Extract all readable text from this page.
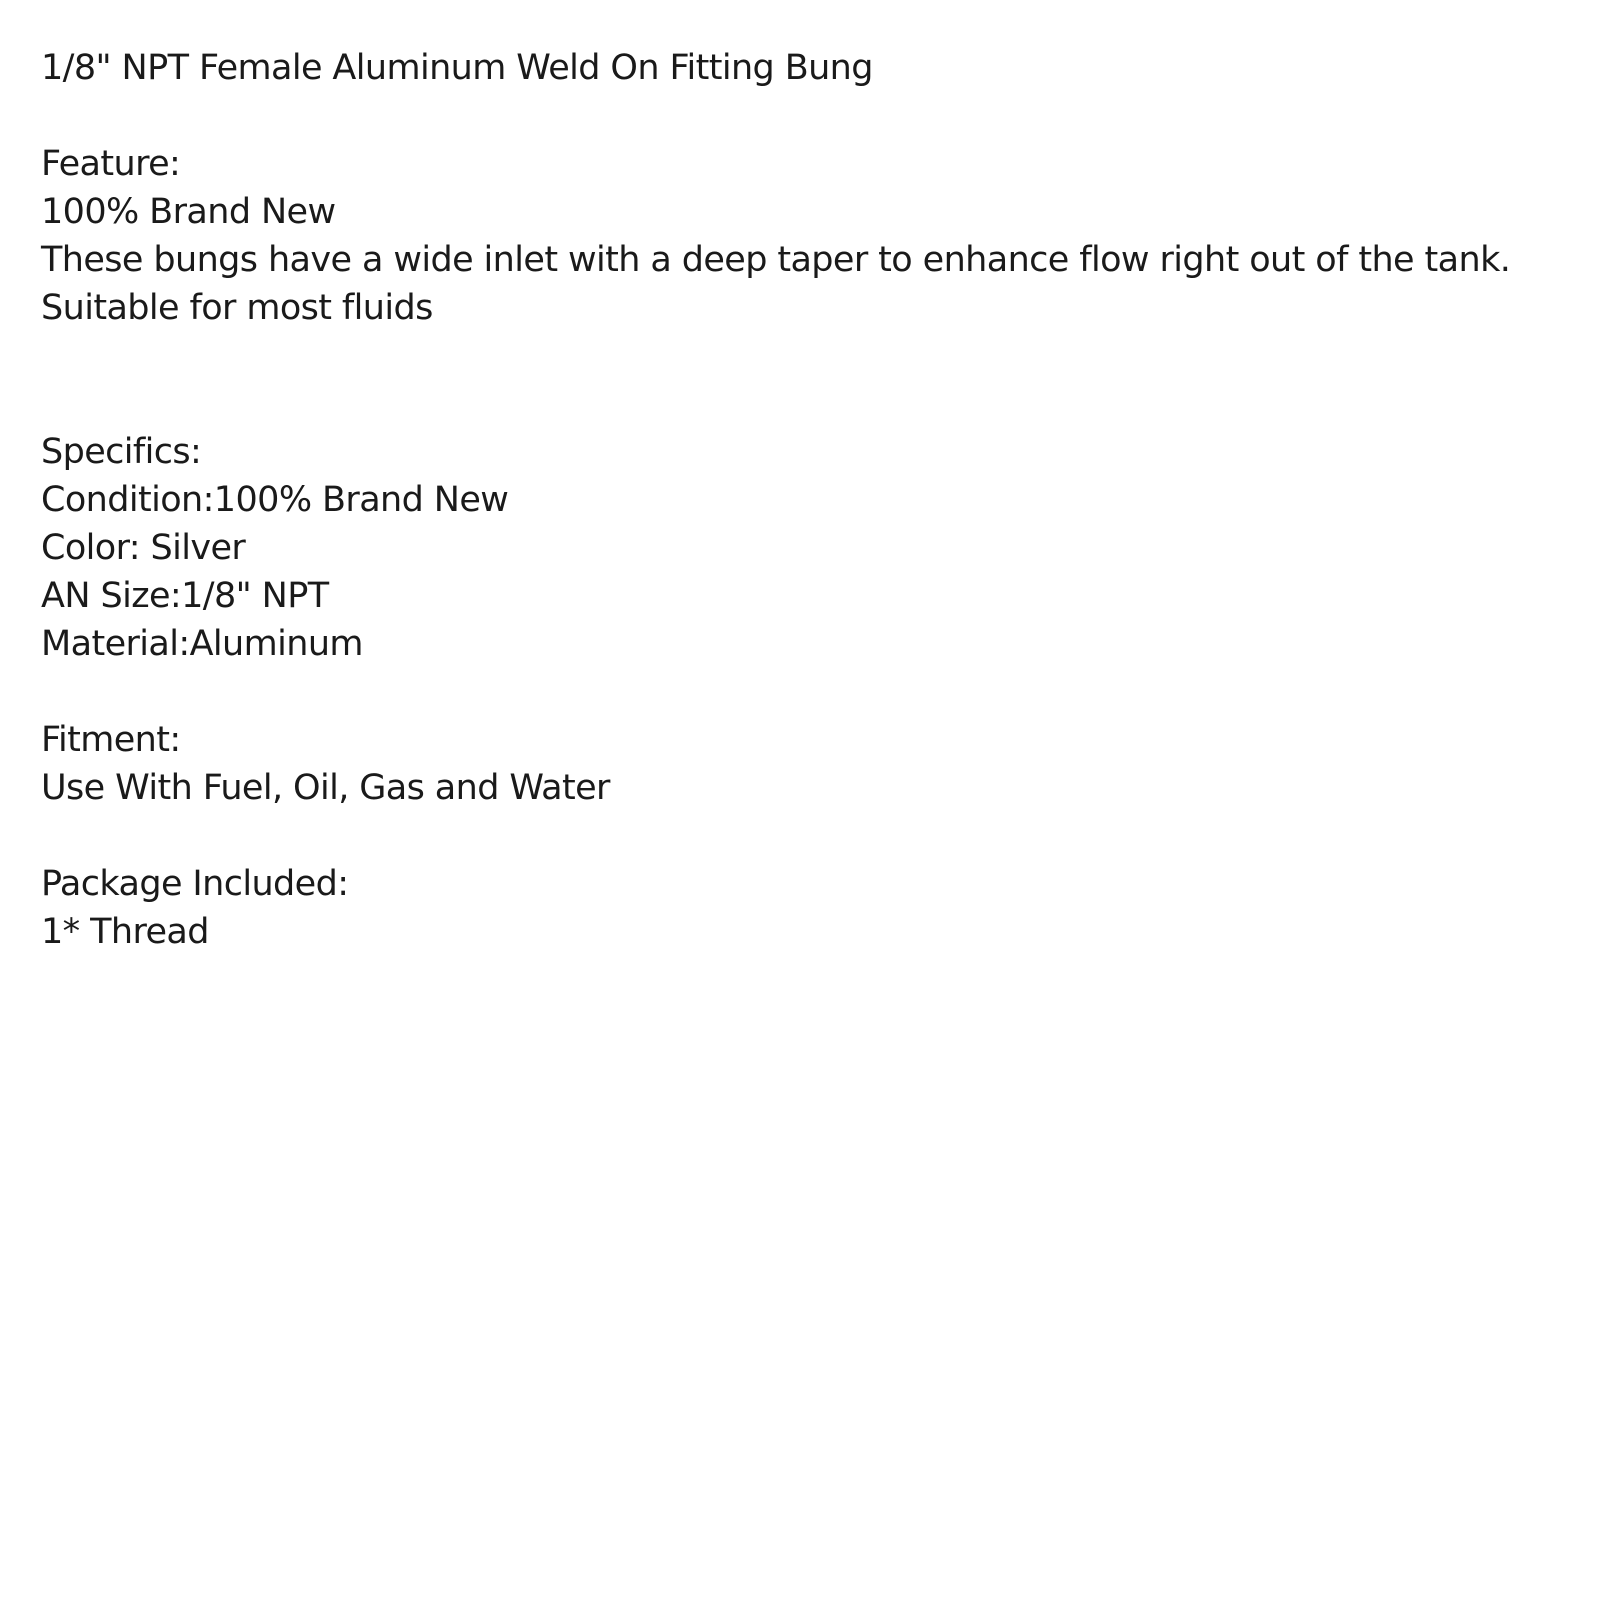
1/8" NPT Female Aluminum Weld On Fitting Bung
Feature:
100% Brand New
These bungs have a wide inlet with a deep taper to enhance flow right out of the tank.
Suitable for most fluids
Specifics:
Condition:100% Brand New
Color: Silver
AN Size:1/8" NPT
Material:Aluminum
Fitment:
Use With Fuel, Oil, Gas and Water
Package Included:
1* Thread
